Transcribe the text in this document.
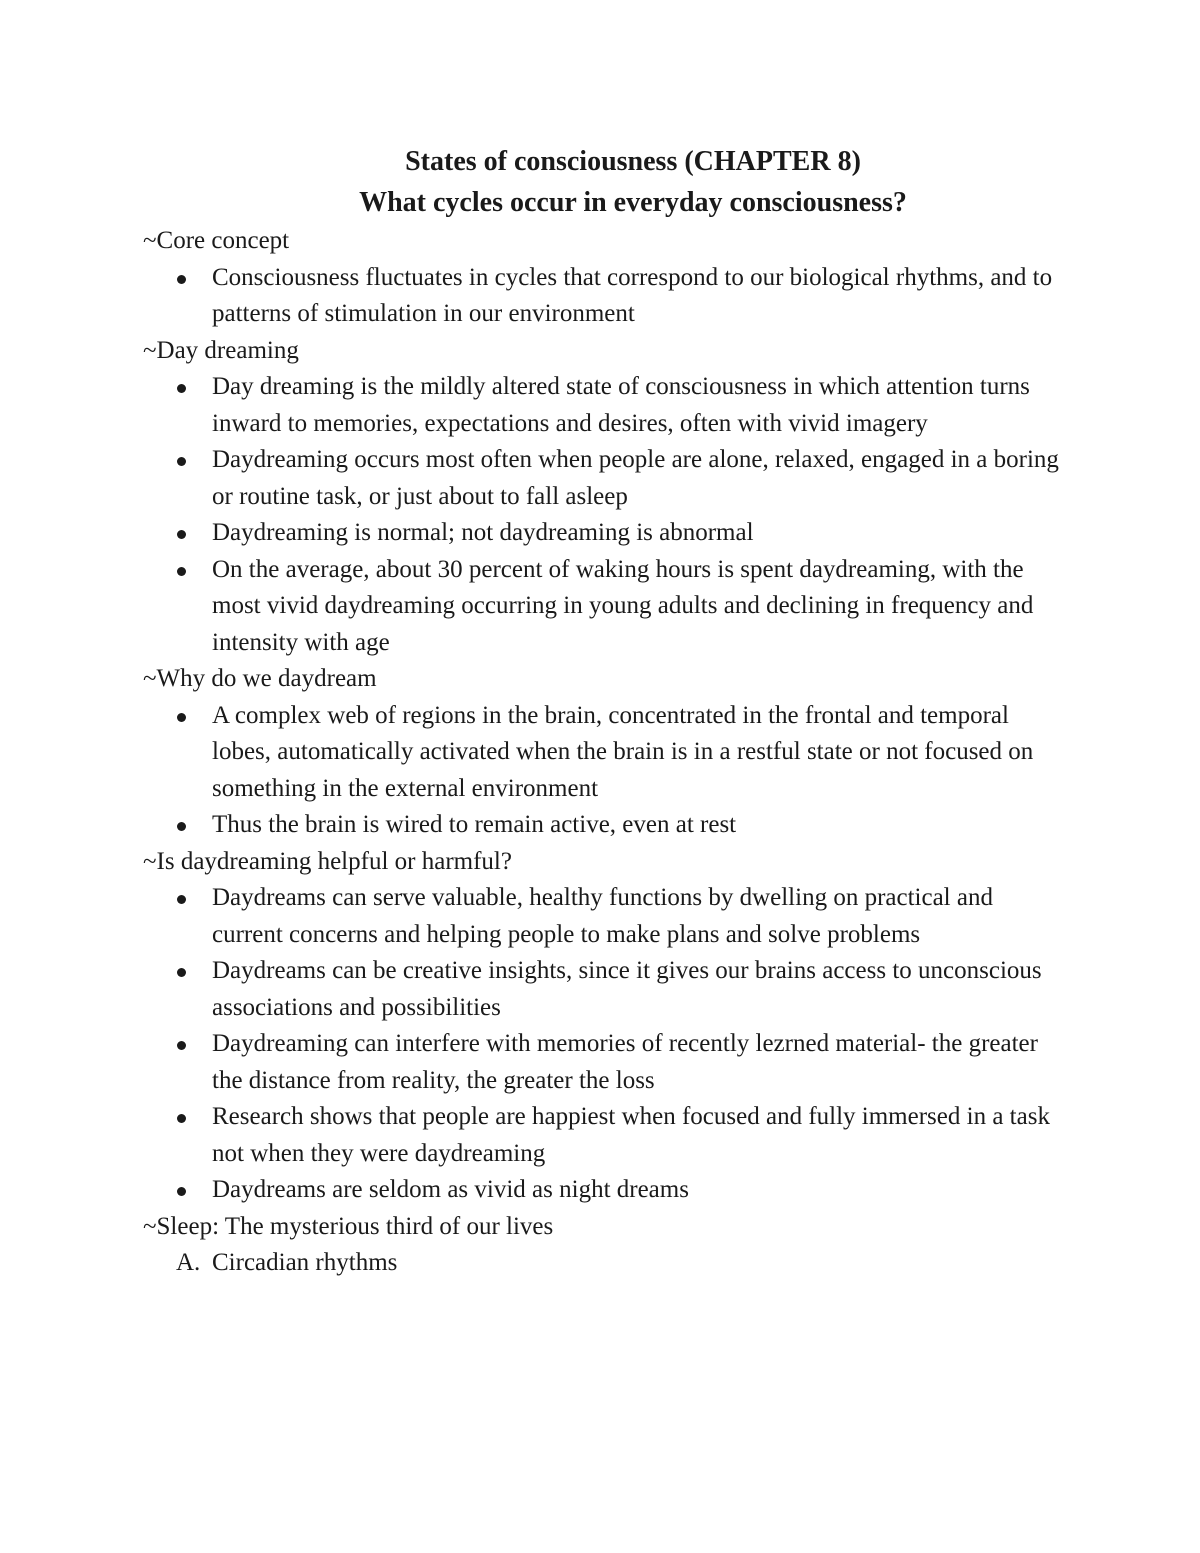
States of consciousness (CHAPTER 8)
What cycles occur in everyday consciousness?
~Core concept
Consciousness fluctuates in cycles that correspond to our biological rhythms, and to patterns of stimulation in our environment
~Day dreaming
Day dreaming is the mildly altered state of consciousness in which attention turns inward to memories, expectations and desires, often with vivid imagery
Daydreaming occurs most often when people are alone, relaxed, engaged in a boring or routine task, or just about to fall asleep
Daydreaming is normal; not daydreaming is abnormal
On the average, about 30 percent of waking hours is spent daydreaming, with the most vivid daydreaming occurring in young adults and declining in frequency and intensity with age
~Why do we daydream
A complex web of regions in the brain, concentrated in the frontal and temporal lobes, automatically activated when the brain is in a restful state or not focused on something in the external environment
Thus the brain is wired to remain active, even at rest
~Is daydreaming helpful or harmful?
Daydreams can serve valuable, healthy functions by dwelling on practical and current concerns and helping people to make plans and solve problems
Daydreams can be creative insights, since it gives our brains access to unconscious associations and possibilities
Daydreaming can interfere with memories of recently lezrned material- the greater the distance from reality, the greater the loss
Research shows that people are happiest when focused and fully immersed in a task not when they were daydreaming
Daydreams are seldom as vivid as night dreams
~Sleep: The mysterious third of our lives
A. Circadian rhythms
